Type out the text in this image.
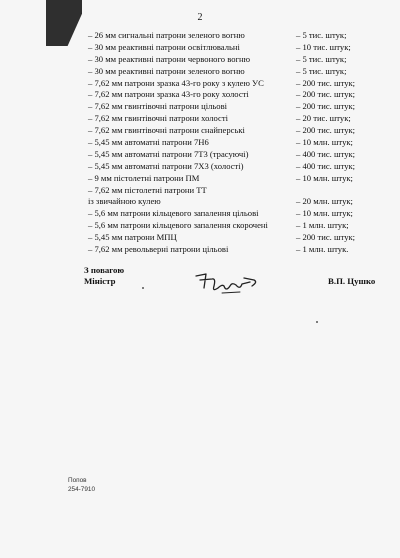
2
– 26 мм сигнальні патрони зеленого вогню	– 5 тис. штук;
– 30 мм реактивні патрони освітлювальні	– 10 тис. штук;
– 30 мм реактивні патрони червоного вогню	– 5 тис. штук;
– 30 мм реактивні патрони зеленого вогню	– 5 тис. штук;
– 7,62 мм патрони зразка 43-го року з кулею УС	– 200 тис. штук;
– 7,62 мм патрони зразка 43-го року холості	– 200 тис. штук;
– 7,62 мм гвинтівочні патрони цільові	– 200 тис. штук;
– 7,62 мм гвинтівочні патрони холості	– 20 тис. штук;
– 7,62 мм гвинтівочні патрони снайперські	– 200 тис. штук;
– 5,45 мм автоматні патрони 7Н6	– 10 млн. штук;
– 5,45 мм автоматні патрони 7Т3 (трасуючі)	– 400 тис. штук;
– 5,45 мм автоматні патрони 7Х3 (холості)	– 400 тис. штук;
– 9 мм пістолетні патрони ПМ	– 10 млн. штук;
– 7,62 мм пістолетні патрони ТТ
із звичайною кулею	– 20 млн. штук;
– 5,6 мм патрони кільцевого запалення цільові	– 10 млн. штук;
– 5,6 мм патрони кільцевого запалення скорочені	– 1 млн. штук;
– 5,45 мм патрони МПЦ	– 200 тис. штук;
– 7,62 мм револьверні патрони цільові	– 1 млн. штук.
З повагою
Міністр	В.П. Цушко
Попов
254-7910
